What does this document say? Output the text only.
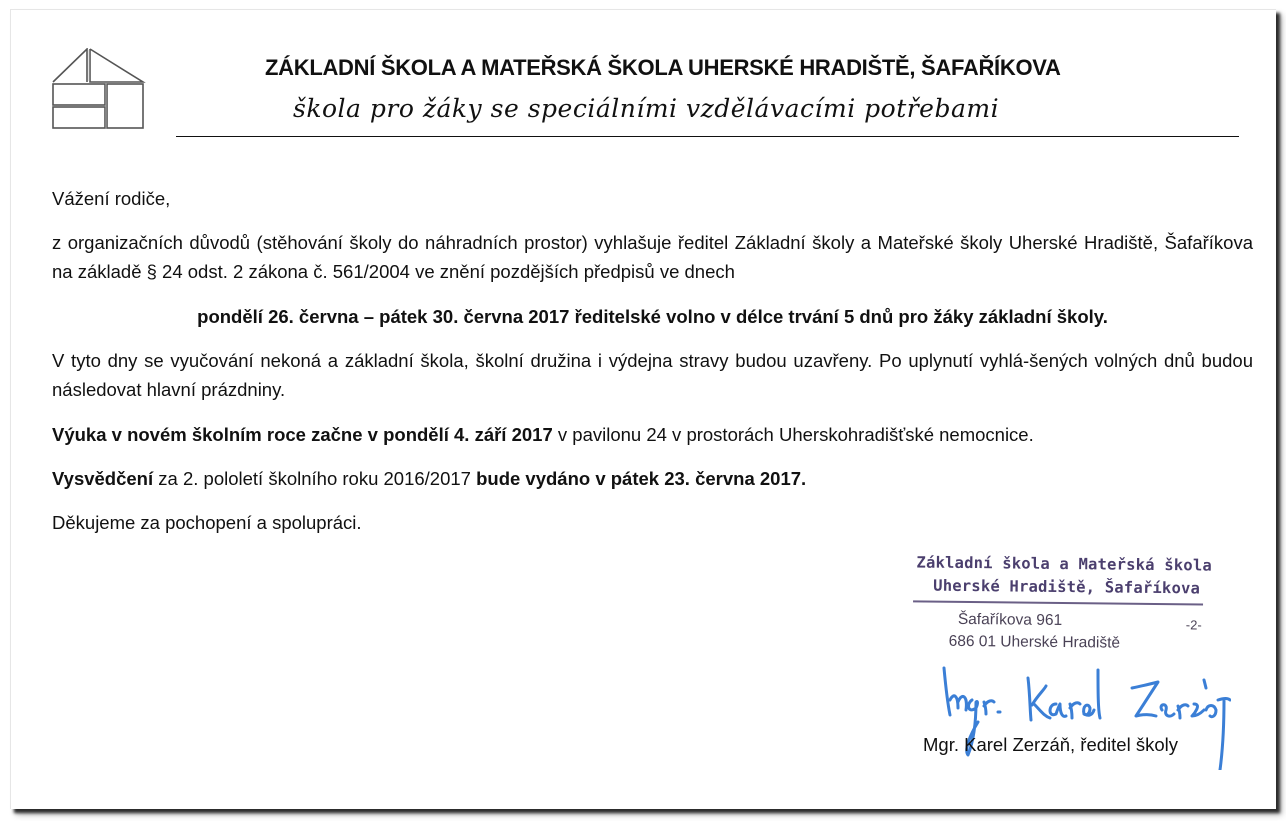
ZÁKLADNÍ ŠKOLA A MATEŘSKÁ ŠKOLA UHERSKÉ HRADIŠTĚ, ŠAFAŘÍKOVA
škola pro žáky se speciálními vzdělávacími potřebami
Vážení rodiče,
z organizačních důvodů (stěhování školy do náhradních prostor) vyhlašuje ředitel Základní školy a Mateřské školy Uherské Hradiště, Šafaříkova na základě § 24 odst. 2 zákona č. 561/2004 ve znění pozdějších předpisů ve dnech
pondělí 26. června – pátek 30. června 2017 ředitelské volno v délce trvání 5 dnů pro žáky základní školy.
V tyto dny se vyučování nekoná a základní škola, školní družina i výdejna stravy budou uzavřeny. Po uplynutí vyhlá-šených volných dnů budou následovat hlavní prázdniny.
Výuka v novém školním roce začne v pondělí 4. září 2017 v pavilonu 24 v prostorách Uherskohradišťské nemocnice.
Vysvědčení za 2. pololetí školního roku 2016/2017 bude vydáno v pátek 23. června 2017.
Děkujeme za pochopení a spolupráci.
Základní škola a Mateřská škola
Uherské Hradiště, Šafaříkova
Šafaříkova 961	-2-
686 01 Uherské Hradiště
Mgr. Karel Zerzáň, ředitel školy
